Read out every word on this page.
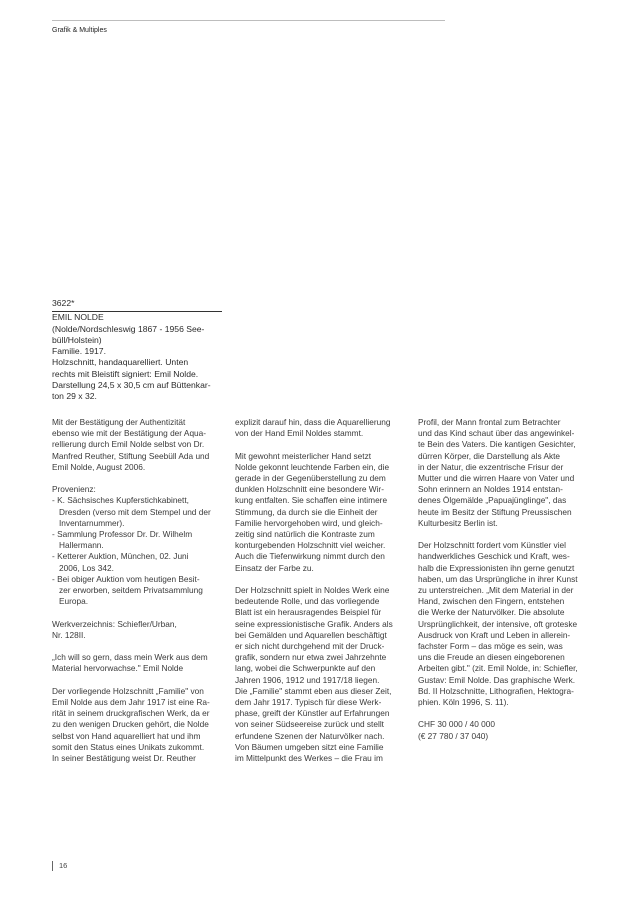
Grafik & Multiples
3622*
EMIL NOLDE
(Nolde/Nordschleswig 1867 - 1956 See-
büll/Holstein)
Familie. 1917.
Holzschnitt, handaquarelliert. Unten
rechts mit Bleistift signiert: Emil Nolde.
Darstellung 24,5 x 30,5 cm auf Büttenkar-
ton 29 x 32.
Mit der Bestätigung der Authentizität
ebenso wie mit der Bestätigung der Aqua-
rellierung durch Emil Nolde selbst von Dr.
Manfred Reuther, Stiftung Seebüll Ada und
Emil Nolde, August 2006.
Provenienz:
- K. Sächsisches Kupferstichkabinett,
Dresden (verso mit dem Stempel und der
Inventarnummer).
- Sammlung Professor Dr. Dr. Wilhelm
Hallermann.
- Ketterer Auktion, München, 02. Juni
2006, Los 342.
- Bei obiger Auktion vom heutigen Besit-
zer erworben, seitdem Privatsammlung
Europa.
Werkverzeichnis: Schiefler/Urban,
Nr. 128II.
„Ich will so gern, dass mein Werk aus dem
Material hervorwachse." Emil Nolde
Der vorliegende Holzschnitt „Familie" von
Emil Nolde aus dem Jahr 1917 ist eine Ra-
rität in seinem druckgrafischen Werk, da er
zu den wenigen Drucken gehört, die Nolde
selbst von Hand aquarelliert hat und ihm
somit den Status eines Unikats zukommt.
In seiner Bestätigung weist Dr. Reuther
explizit darauf hin, dass die Aquarellierung
von der Hand Emil Noldes stammt.
Mit gewohnt meisterlicher Hand setzt
Nolde gekonnt leuchtende Farben ein, die
gerade in der Gegenüberstellung zu dem
dunklen Holzschnitt eine besondere Wir-
kung entfalten. Sie schaffen eine intimere
Stimmung, da durch sie die Einheit der
Familie hervorgehoben wird, und gleich-
zeitig sind natürlich die Kontraste zum
konturgebenden Holzschnitt viel weicher.
Auch die Tiefenwirkung nimmt durch den
Einsatz der Farbe zu.
Der Holzschnitt spielt in Noldes Werk eine
bedeutende Rolle, und das vorliegende
Blatt ist ein herausragendes Beispiel für
seine expressionistische Grafik. Anders als
bei Gemälden und Aquarellen beschäftigt
er sich nicht durchgehend mit der Druck-
grafik, sondern nur etwa zwei Jahrzehnte
lang, wobei die Schwerpunkte auf den
Jahren 1906, 1912 und 1917/18 liegen.
Die „Familie" stammt eben aus dieser Zeit,
dem Jahr 1917. Typisch für diese Werk-
phase, greift der Künstler auf Erfahrungen
von seiner Südseereise zurück und stellt
erfundene Szenen der Naturvölker nach.
Von Bäumen umgeben sitzt eine Familie
im Mittelpunkt des Werkes – die Frau im
Profil, der Mann frontal zum Betrachter
und das Kind schaut über das angewinkel-
te Bein des Vaters. Die kantigen Gesichter,
dürren Körper, die Darstellung als Akte
in der Natur, die exzentrische Frisur der
Mutter und die wirren Haare von Vater und
Sohn erinnern an Noldes 1914 entstan-
denes Ölgemälde „Papuajünglinge", das
heute im Besitz der Stiftung Preussischen
Kulturbesitz Berlin ist.
Der Holzschnitt fordert vom Künstler viel
handwerkliches Geschick und Kraft, wes-
halb die Expressionisten ihn gerne genutzt
haben, um das Ursprüngliche in ihrer Kunst
zu unterstreichen. „Mit dem Material in der
Hand, zwischen den Fingern, entstehen
die Werke der Naturvölker. Die absolute
Ursprünglichkeit, der intensive, oft groteske
Ausdruck von Kraft und Leben in allerein-
fachster Form – das möge es sein, was
uns die Freude an diesen eingeborenen
Arbeiten gibt." (zit. Emil Nolde, in: Schiefler,
Gustav: Emil Nolde. Das graphische Werk.
Bd. II Holzschnitte, Lithografien, Hektogra-
phien. Köln 1996, S. 11).
CHF 30 000 / 40 000
(€ 27 780 / 37 040)
16
